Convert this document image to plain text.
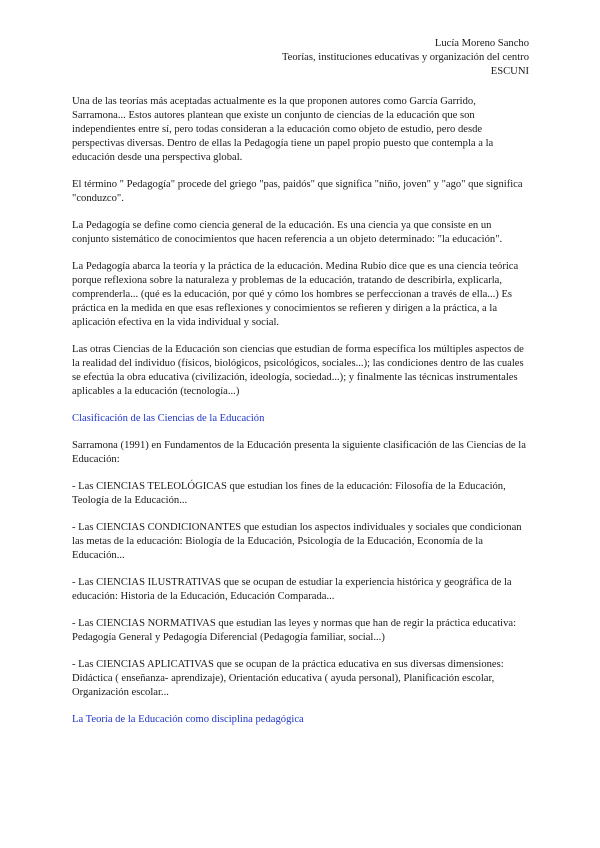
Lucía Moreno Sancho
Teorías, instituciones educativas y organización del centro
ESCUNI

Una de las teorías más aceptadas actualmente es la que proponen autores como García Garrido, Sarramona... Estos autores plantean que existe un conjunto de ciencias de la educación que son independientes entre sí, pero todas consideran a la educación como objeto de estudio, pero desde perspectivas diversas. Dentro de ellas la Pedagogía tiene un papel propio puesto que contempla a la educación desde una perspectiva global.

El término " Pedagogía" procede del griego "pas, paidós" que significa "niño, joven" y "ago" que significa "conduzco".

La Pedagogía se define como ciencia general de la educación. Es una ciencia ya que consiste en un conjunto sistemático de conocimientos que hacen referencia a un objeto determinado: "la educación".

La Pedagogía abarca la teoría y la práctica de la educación. Medina Rubio dice que es una ciencia teórica porque reflexiona sobre la naturaleza y problemas de la educación, tratando de describirla, explicarla, comprenderla... (qué es la educación, por qué y cómo los hombres se perfeccionan a través de ella...) Es práctica en la medida en que esas reflexiones y conocimientos se refieren y dirigen a la práctica, a la aplicación efectiva en la vida individual y social.

Las otras Ciencias de la Educación son ciencias que estudian de forma específica los múltiples aspectos de la realidad del individuo (físicos, biológicos, psicológicos, sociales...); las condiciones dentro de las cuales se efectúa la obra educativa (civilización, ideología, sociedad...); y finalmente las técnicas instrumentales aplicables a la educación (tecnología...)

Clasificación de las Ciencias de la Educación

Sarramona (1991) en Fundamentos de la Educación presenta la siguiente clasificación de las Ciencias de la Educación:

- Las CIENCIAS TELEOLÓGICAS que estudian los fines de la educación: Filosofía de la Educación, Teología de la Educación...

- Las CIENCIAS CONDICIONANTES que estudian los aspectos individuales y sociales que condicionan las metas de la educación: Biología de la Educación, Psicología de la Educación, Economía de la Educación...

- Las CIENCIAS ILUSTRATIVAS que se ocupan de estudiar la experiencia histórica y geográfica de la educación: Historia de la Educación, Educación Comparada...

- Las CIENCIAS NORMATIVAS que estudian las leyes y normas que han de regir la práctica educativa: Pedagogía General y Pedagogía Diferencial (Pedagogía familiar, social...)

- Las CIENCIAS APLICATIVAS que se ocupan de la práctica educativa en sus diversas dimensiones: Didáctica ( enseñanza- aprendizaje), Orientación educativa ( ayuda personal), Planificación escolar, Organización escolar...

La Teoría de la Educación como disciplina pedagógica
